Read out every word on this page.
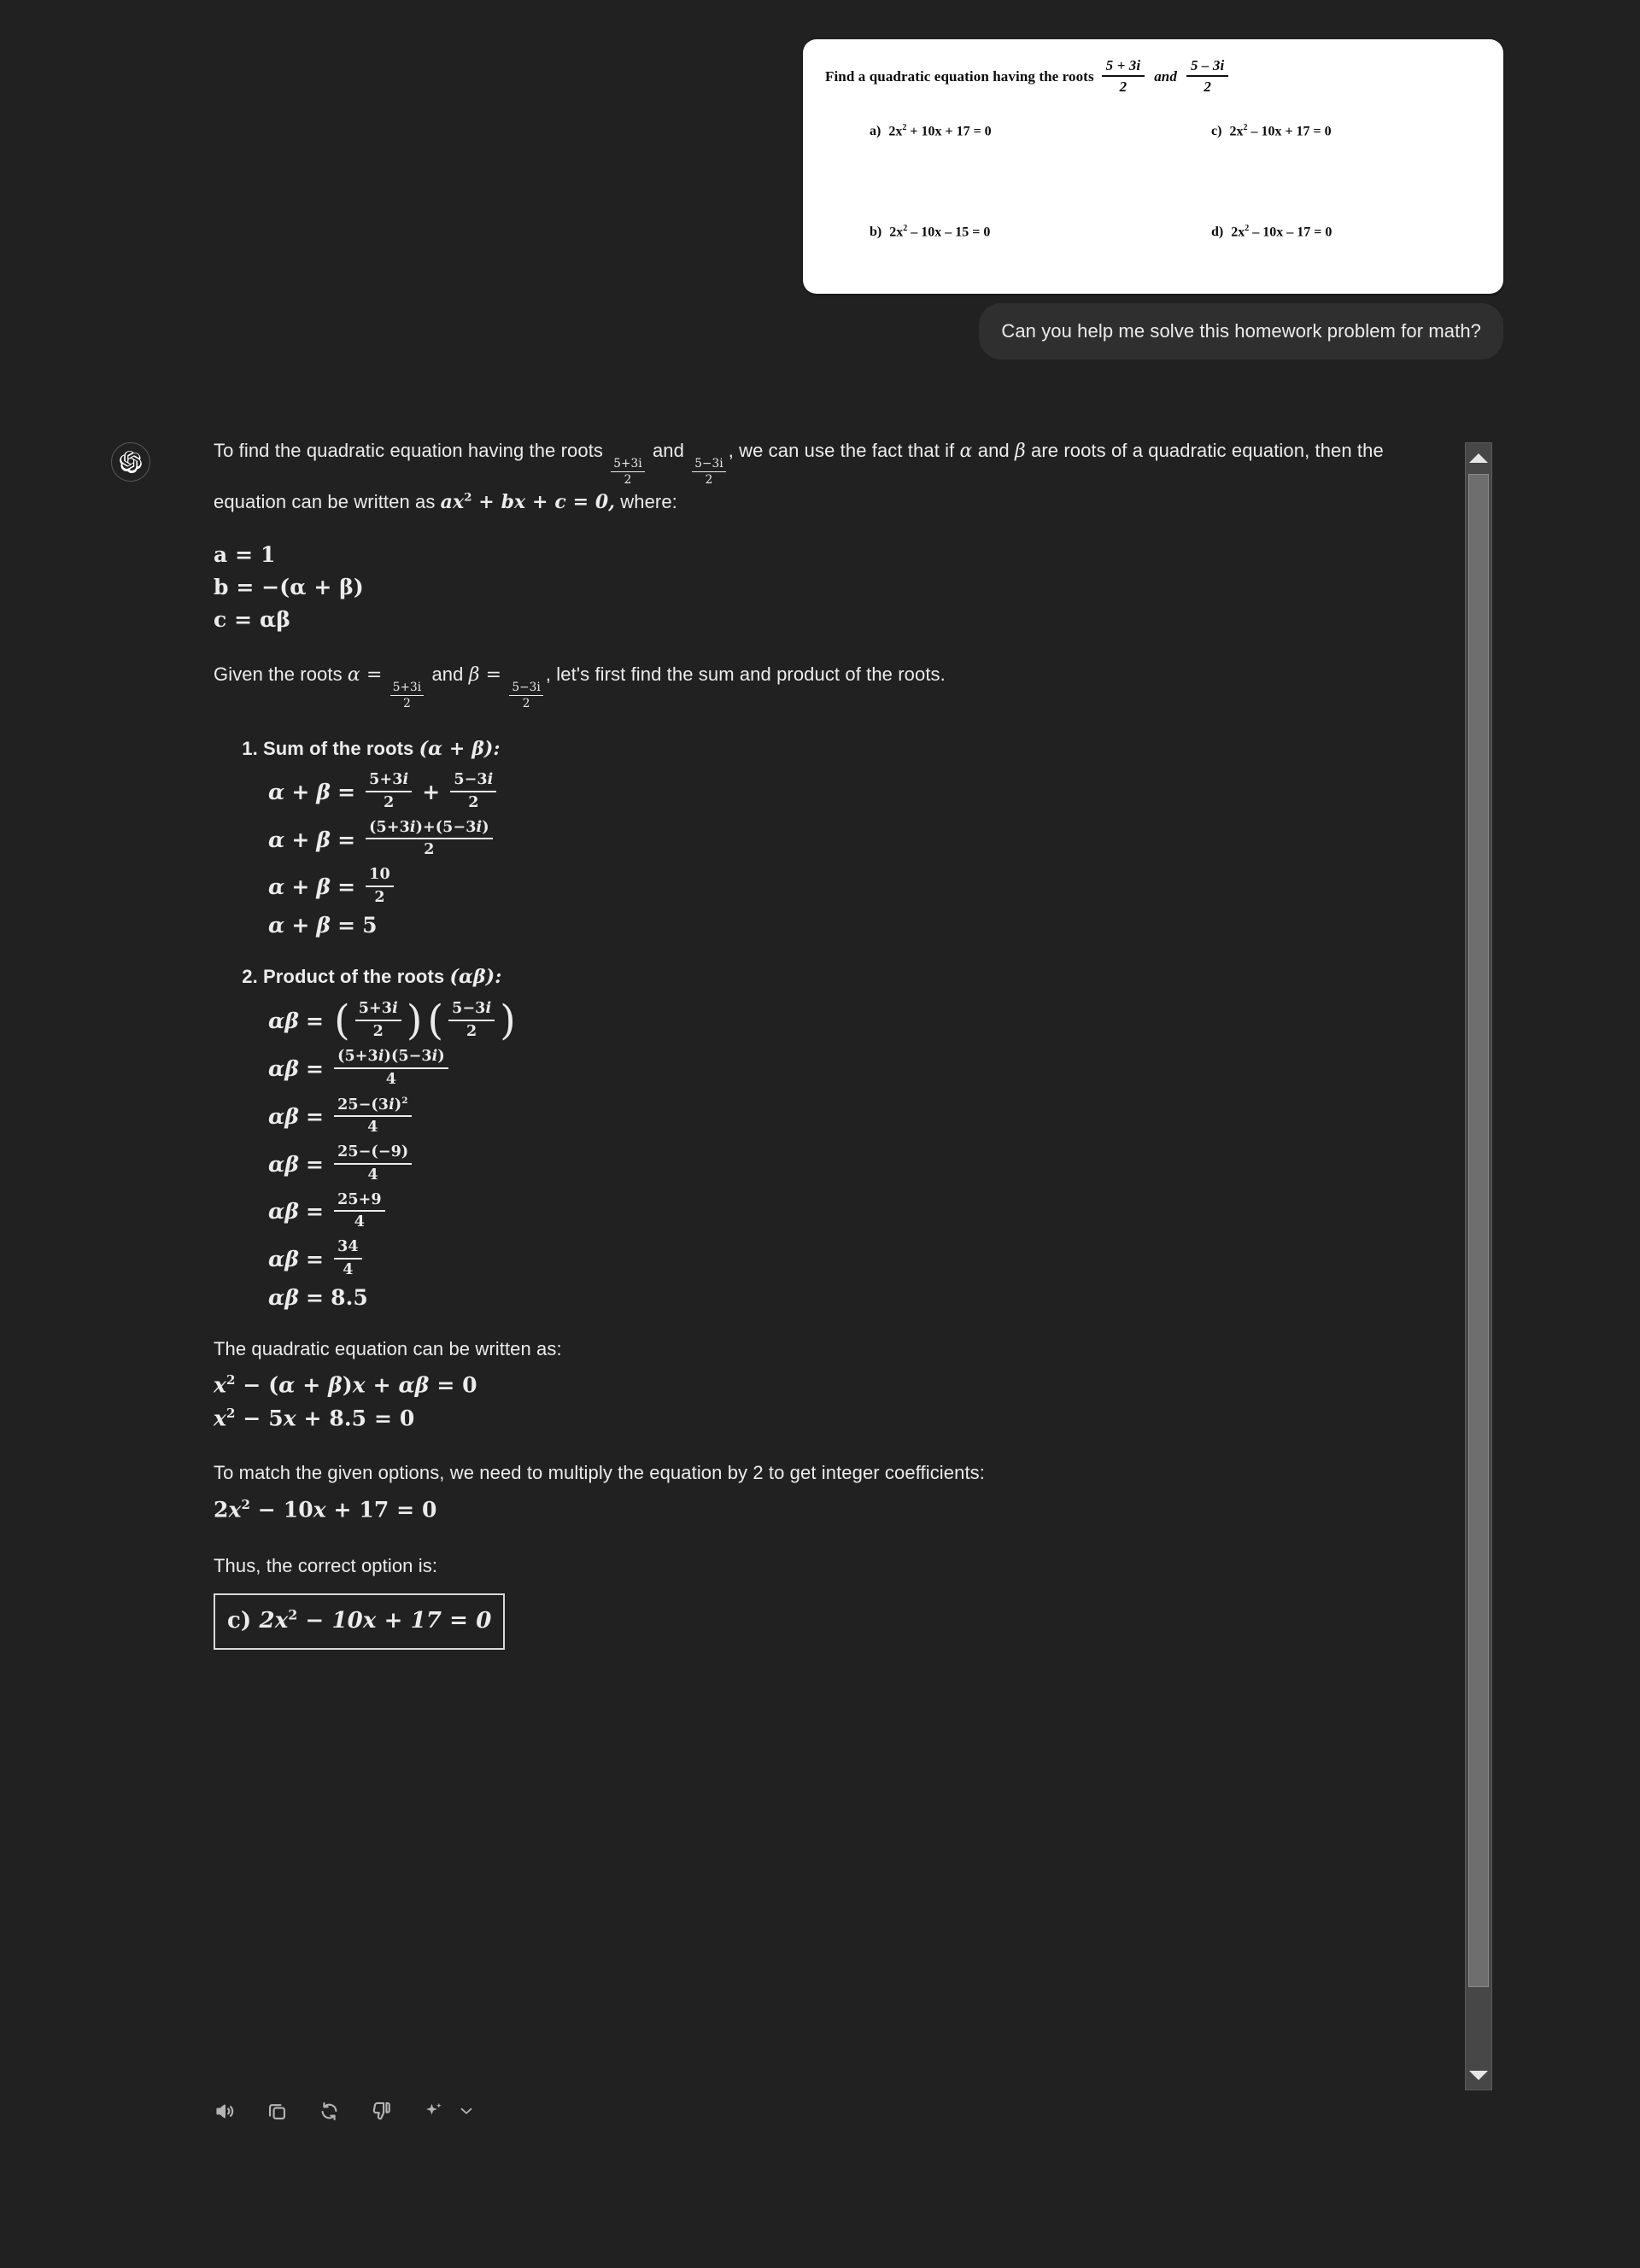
Find a quadratic equation having the roots $\frac{5 + 3i}{2}$ and $\frac{5 - 3i}{2}$
a) $2x^2 + 10x + 17 = 0$	c) $2x^2 - 10x + 17 = 0$
b) $2x^2 - 10x - 15 = 0$	d) $2x^2 - 10x - 17 = 0$
Can you help me solve this homework problem for math?

To find the quadratic equation having the roots
$\frac{5+3i}{2}$
and
$\frac{5-3i}{2}$
, we can use the fact that if α and β are roots of a quadratic equation, then the equation can be written as $ax^2$ + bx + c = 0, where:

a = 1
b = −(α + β)
c = αβ

Given the roots α =
$\frac{5+3i}{2}$
and β =
$\frac{5-3i}{2}$
, let's first find the sum and product of the roots.

1. Sum of the roots (α + β):
$\alpha + \beta = \frac{5+3i}{2} + \frac{5-3i}{2}$
$\alpha + \beta = \frac{(5+3i)+(5-3i)}{2}$
$\alpha + \beta = \frac{10}{2}$
α + β = 5
2. Product of the roots (αβ):
αβ = ( 5+3i
2 ) ( 5−3i
2 )
$\alpha\beta = \frac{(5+3i)(5-3i)}{4}$
$\alpha\beta = \frac{25-(3i)^2}{4}$
$\alpha\beta = \frac{25-(-9)}{4}$
$\alpha\beta = \frac{25+9}{4}$
$\alpha\beta = \frac{34}{4}$
αβ = 8.5

The quadratic equation can be written as:

$x^2 - (\alpha + \beta)x + \alpha\beta = 0$
$x^2 - 5x + 8.5 = 0$

To match the given options, we need to multiply the equation by 2 to get integer coefficients:

$2x^2 - 10x + 17 = 0$

Thus, the correct option is:

c) $2x^2 - 10x + 17 = 0$
